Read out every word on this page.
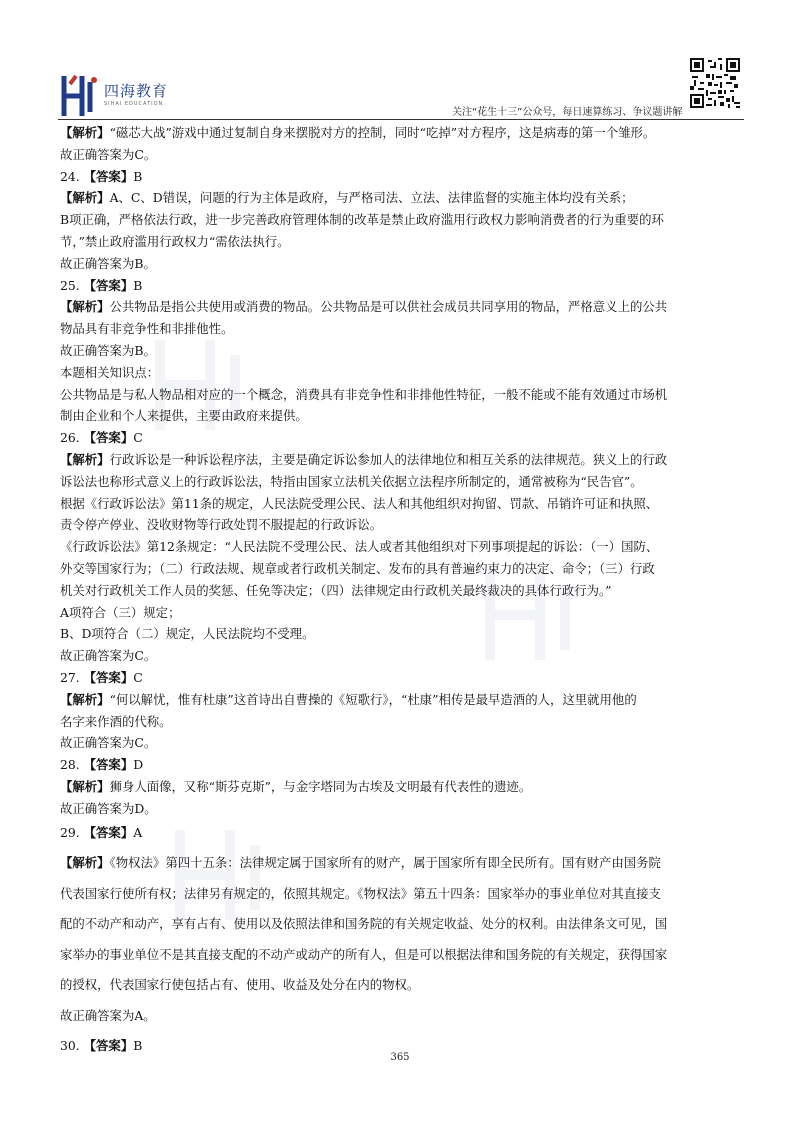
四海教育
SIHAI EDUCATION
关注“花生十三”公众号，每日速算练习、争议题讲解

【解析】“磁芯大战”游戏中通过复制自身来摆脱对方的控制，同时“吃掉”对方程序，这是病毒的第一个雏形。

故正确答案为C。

24. 【答案】B

【解析】A、C、D错误，问题的行为主体是政府，与严格司法、立法、法律监督的实施主体均没有关系；

B项正确，严格依法行政，进一步完善政府管理体制的改革是禁止政府滥用行政权力影响消费者的行为重要的环

节，”禁止政府滥用行政权力“需依法执行。

故正确答案为B。

25. 【答案】B

【解析】公共物品是指公共使用或消费的物品。公共物品是可以供社会成员共同享用的物品，严格意义上的公共

物品具有非竞争性和非排他性。

故正确答案为B。

本题相关知识点：

公共物品是与私人物品相对应的一个概念，消费具有非竞争性和非排他性特征，一般不能或不能有效通过市场机

制由企业和个人来提供，主要由政府来提供。

26. 【答案】C

【解析】行政诉讼是一种诉讼程序法，主要是确定诉讼参加人的法律地位和相互关系的法律规范。狭义上的行政

诉讼法也称形式意义上的行政诉讼法，特指由国家立法机关依据立法程序所制定的，通常被称为“民告官”。

根据《行政诉讼法》第11条的规定，人民法院受理公民、法人和其他组织对拘留、罚款、吊销许可证和执照、

责令停产停业、没收财物等行政处罚不服提起的行政诉讼。

《行政诉讼法》第12条规定：“人民法院不受理公民、法人或者其他组织对下列事项提起的诉讼：（一）国防、

外交等国家行为；（二）行政法规、规章或者行政机关制定、发布的具有普遍约束力的决定、命令；（三）行政

机关对行政机关工作人员的奖惩、任免等决定；（四）法律规定由行政机关最终裁决的具体行政行为。”

A项符合（三）规定；

B、D项符合（二）规定，人民法院均不受理。

故正确答案为C。

27. 【答案】C

【解析】“何以解忧，惟有杜康”这首诗出自曹操的《短歌行》，“杜康”相传是最早造酒的人，这里就用他的

名字来作酒的代称。

故正确答案为C。

28. 【答案】D

【解析】狮身人面像，又称“斯芬克斯”，与金字塔同为古埃及文明最有代表性的遗迹。

故正确答案为D。

29. 【答案】A

【解析】《物权法》第四十五条：法律规定属于国家所有的财产，属于国家所有即全民所有。国有财产由国务院

代表国家行使所有权；法律另有规定的，依照其规定。《物权法》第五十四条：国家举办的事业单位对其直接支

配的不动产和动产，享有占有、使用以及依照法律和国务院的有关规定收益、处分的权利。由法律条文可见，国

家举办的事业单位不是其直接支配的不动产或动产的所有人，但是可以根据法律和国务院的有关规定，获得国家

的授权，代表国家行使包括占有、使用、收益及处分在内的物权。

故正确答案为A。

30. 【答案】B

365
